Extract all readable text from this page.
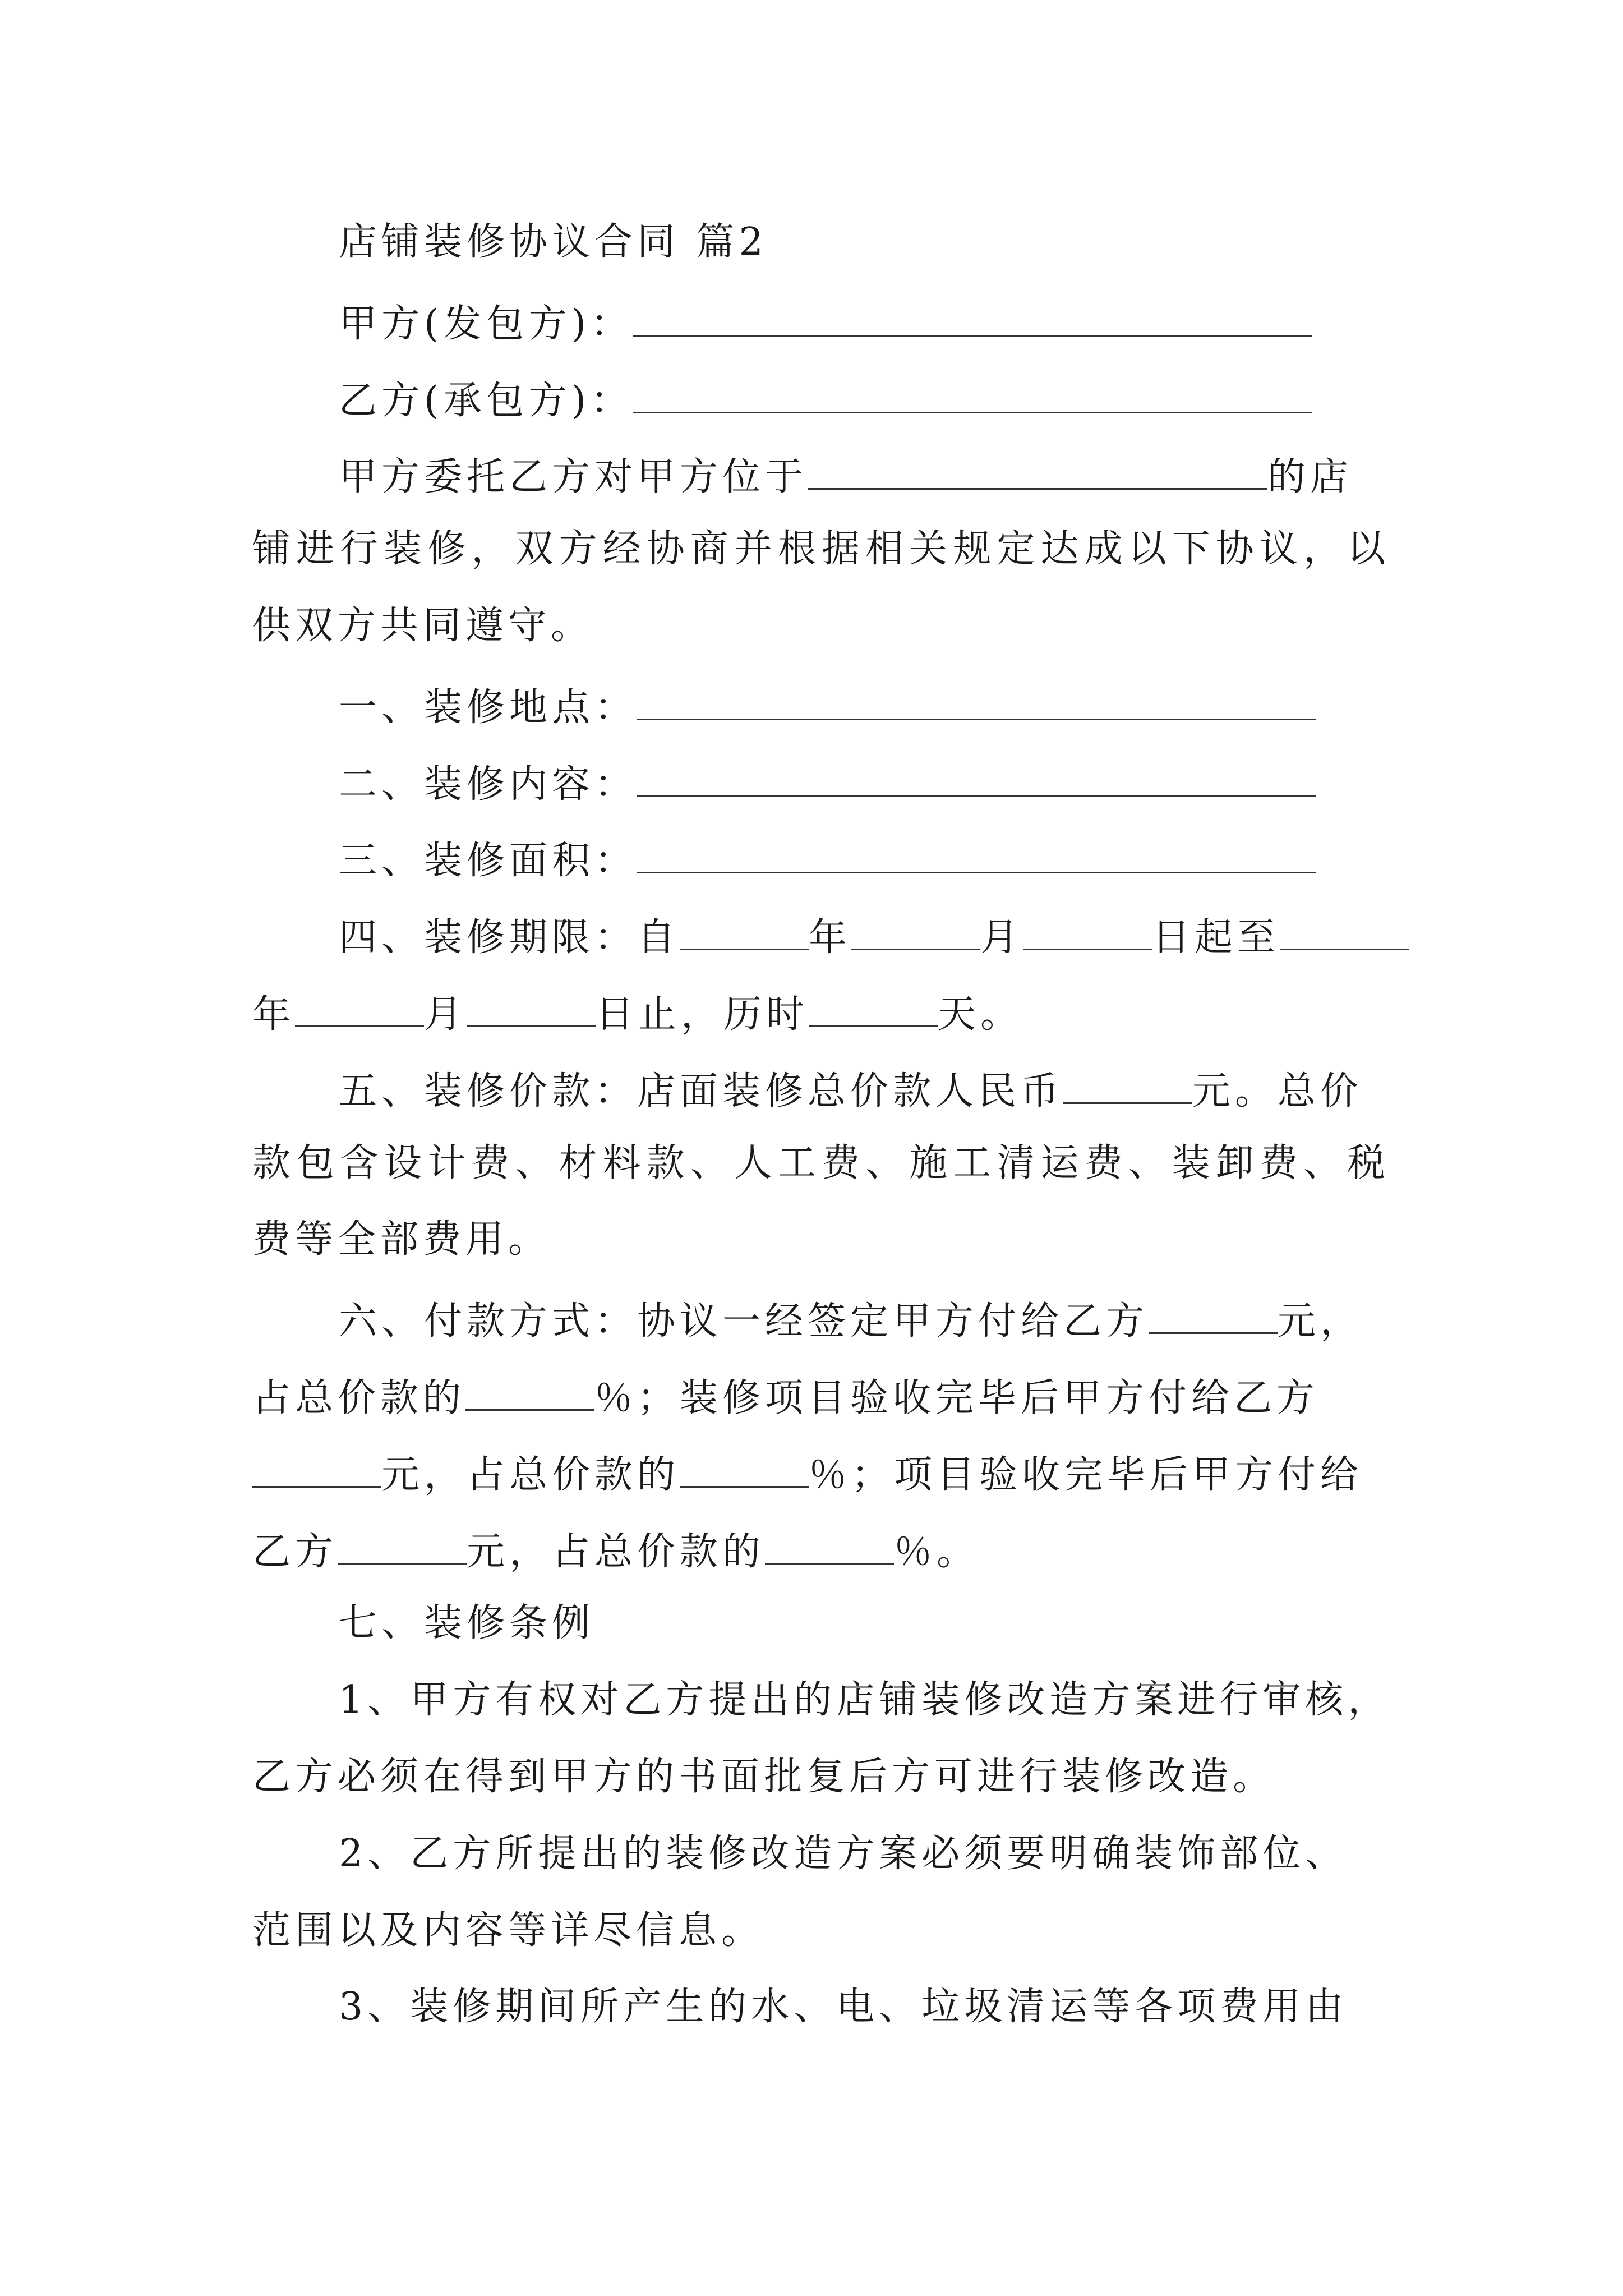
店铺装修协议合同 篇2
甲方(发包方)：
乙方(承包方)：
甲方委托乙方对甲方位于	的店
铺进行装修，双方经协商并根据相关规定达成以下协议，以
供双方共同遵守。
一、装修地点：
二、装修内容：
三、装修面积：
四、装修期限：自	年	月	日起至
年	月	日止，历时	天。
五、装修价款：店面装修总价款人民币	元。总价
款包含设计费、材料款、人工费、施工清运费、装卸费、税
费等全部费用。
六、付款方式：协议一经签定甲方付给乙方	元，
占总价款的	％；装修项目验收完毕后甲方付给乙方
元，占总价款的	％；项目验收完毕后甲方付给
乙方	元，占总价款的	％。
七、装修条例
1、甲方有权对乙方提出的店铺装修改造方案进行审核，
乙方必须在得到甲方的书面批复后方可进行装修改造。
2、乙方所提出的装修改造方案必须要明确装饰部位、
范围以及内容等详尽信息。
3、装修期间所产生的水、电、垃圾清运等各项费用由
